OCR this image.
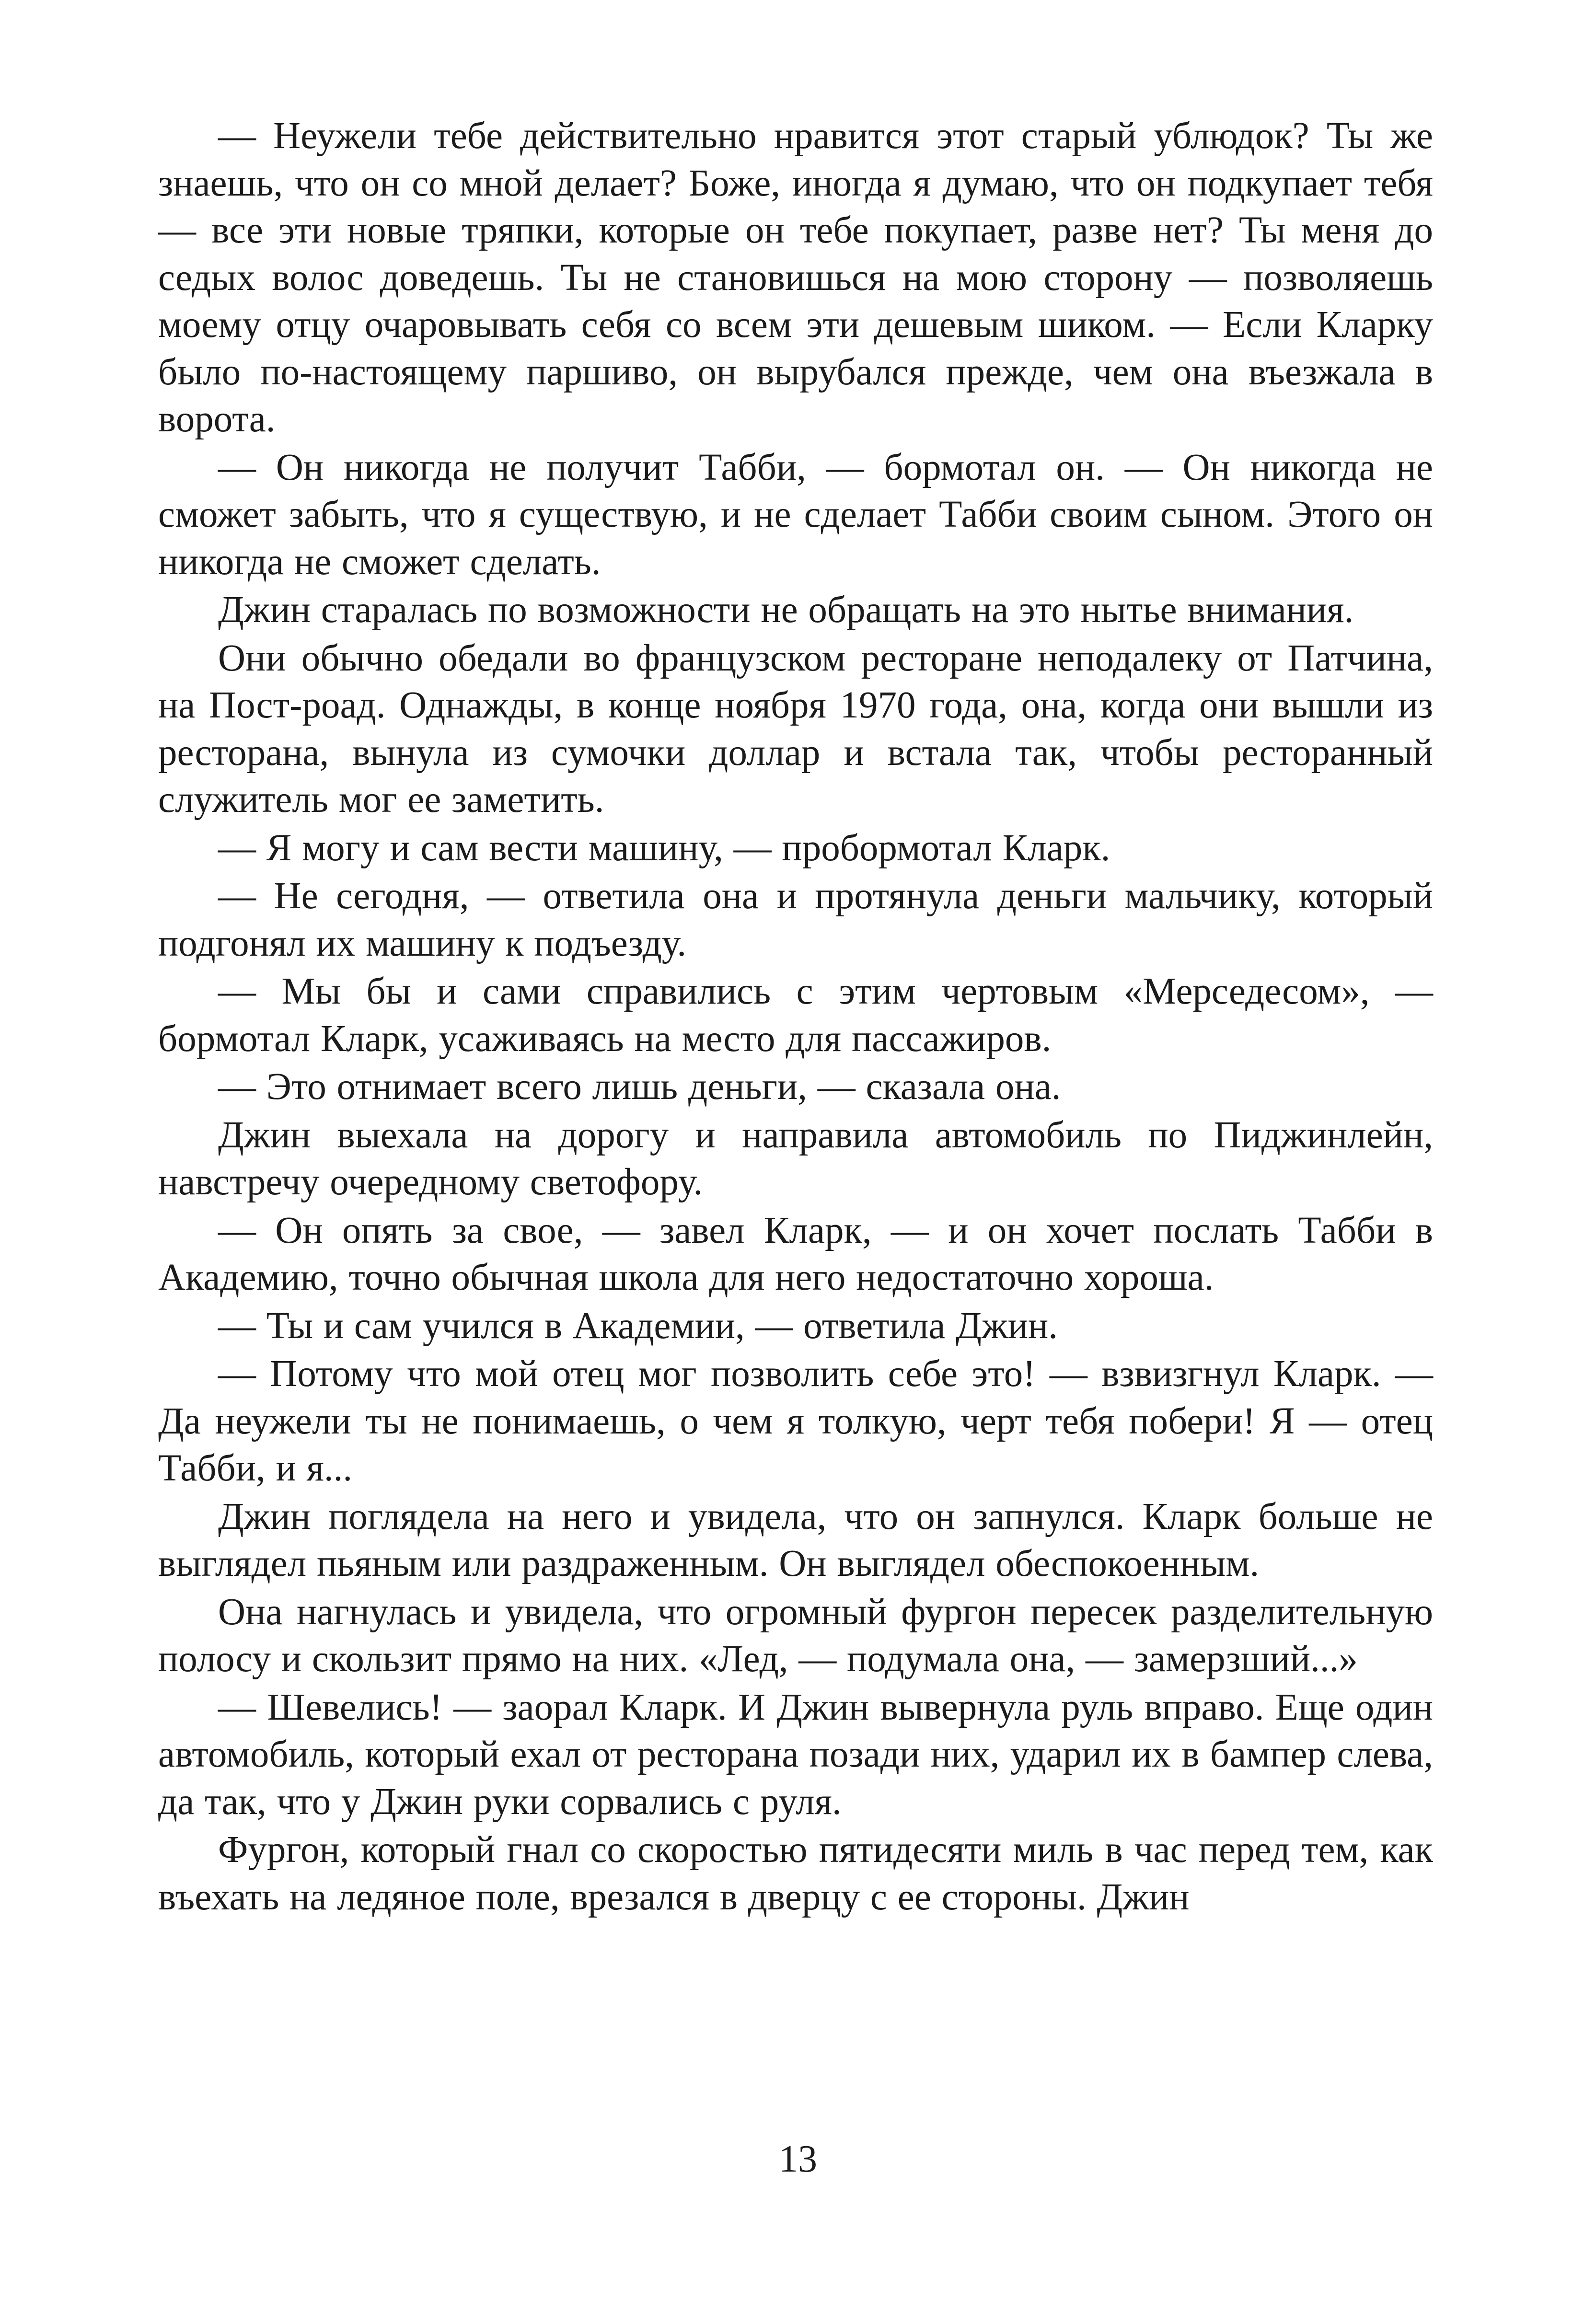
— Неужели тебе действительно нравится этот старый ублюдок? Ты же знаешь, что он со мной делает? Боже, иногда я думаю, что он подкупает тебя — все эти новые тряпки, которые он тебе покупает, разве нет? Ты меня до седых волос доведешь. Ты не становишься на мою сторону — позволяешь моему отцу очаровывать себя со всем эти дешевым шиком. — Если Кларку было по-настоящему паршиво, он вырубался прежде, чем она въезжала в ворота.

— Он никогда не получит Табби, — бормотал он. — Он никогда не сможет забыть, что я существую, и не сделает Табби своим сыном. Этого он никогда не сможет сделать.

Джин старалась по возможности не обращать на это нытье внимания.

Они обычно обедали во французском ресторане неподалеку от Патчина, на Пост-роад. Однажды, в конце ноября 1970 года, она, когда они вышли из ресторана, вынула из сумочки доллар и встала так, чтобы ресторанный служитель мог ее заметить.

— Я могу и сам вести машину, — пробормотал Кларк.

— Не сегодня, — ответила она и протянула деньги мальчику, который подгонял их машину к подъезду.

— Мы бы и сами справились с этим чертовым «Мерседесом», — бормотал Кларк, усаживаясь на место для пассажиров.

— Это отнимает всего лишь деньги, — сказала она.

Джин выехала на дорогу и направила автомобиль по Пиджинлейн, навстречу очередному светофору.

— Он опять за свое, — завел Кларк, — и он хочет послать Табби в Академию, точно обычная школа для него недостаточно хороша.

— Ты и сам учился в Академии, — ответила Джин.

— Потому что мой отец мог позволить себе это! — взвизгнул Кларк. — Да неужели ты не понимаешь, о чем я толкую, черт тебя побери! Я — отец Табби, и я...

Джин поглядела на него и увидела, что он запнулся. Кларк больше не выглядел пьяным или раздраженным. Он выглядел обеспокоенным.

Она нагнулась и увидела, что огромный фургон пересек разделительную полосу и скользит прямо на них. «Лед, — подумала она, — замерзший...»

— Шевелись! — заорал Кларк. И Джин вывернула руль вправо. Еще один автомобиль, который ехал от ресторана позади них, ударил их в бампер слева, да так, что у Джин руки сорвались с руля.

Фургон, который гнал со скоростью пятидесяти миль в час перед тем, как въехать на ледяное поле, врезался в дверцу с ее стороны. Джин

13
